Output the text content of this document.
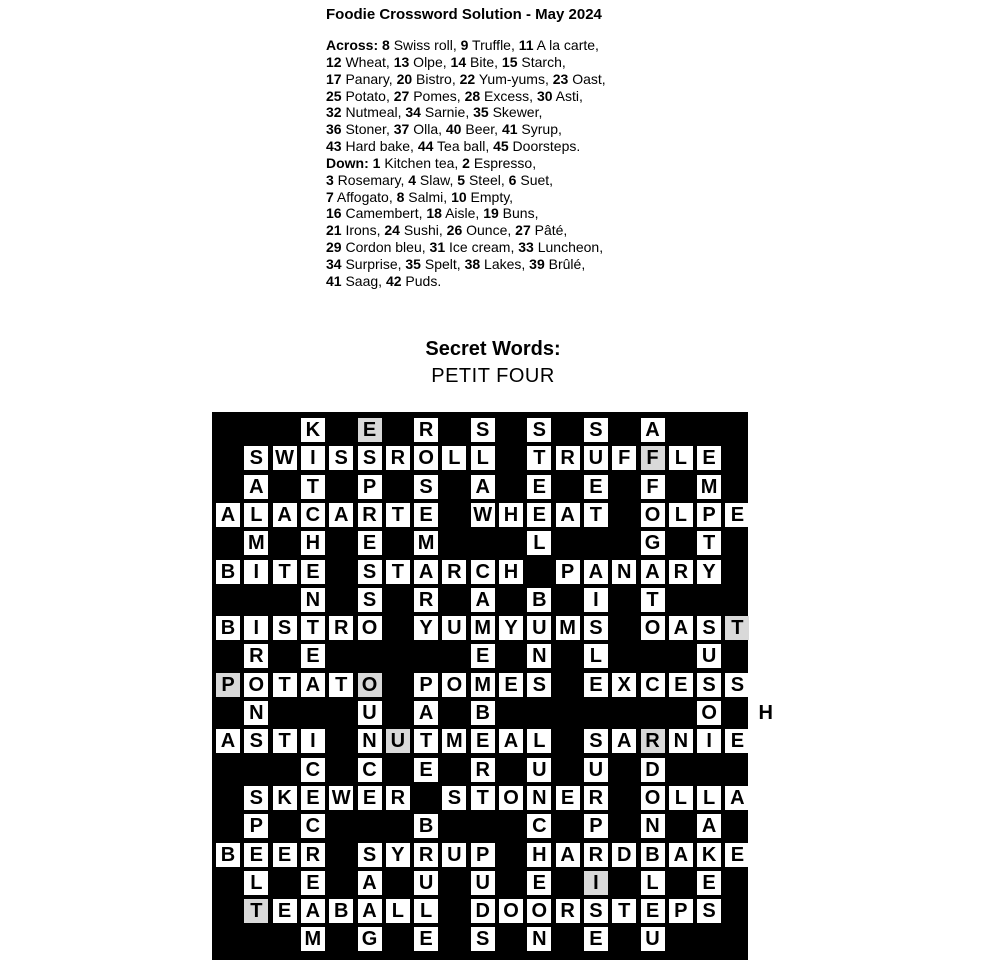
Foodie Crossword Solution - May 2024
Across: 8 Swiss roll, 9 Truffle, 11 A la carte,
12 Wheat, 13 Olpe, 14 Bite, 15 Starch,
17 Panary, 20 Bistro, 22 Yum-yums, 23 Oast,
25 Potato, 27 Pomes, 28 Excess, 30 Asti,
32 Nutmeal, 34 Sarnie, 35 Skewer,
36 Stoner, 37 Olla, 40 Beer, 41 Syrup,
43 Hard bake, 44 Tea ball, 45 Doorsteps.
Down: 1 Kitchen tea, 2 Espresso,
3 Rosemary, 4 Slaw, 5 Steel, 6 Suet,
7 Affogato, 8 Salmi, 10 Empty,
16 Camembert, 18 Aisle, 19 Buns,
21 Irons, 24 Sushi, 26 Ounce, 27 Pâté,
29 Cordon bleu, 31 Ice cream, 33 Luncheon,
34 Surprise, 35 Spelt, 38 Lakes, 39 Brûlé,
41 Saag, 42 Puds.
Secret Words:
PETIT FOUR
K E R S S S A
S W I S S R O L L T R U F F L E
A T P S A E E F M
A L A C A R T E W H E A T O L P E
M H E M	L	G T
B I T E S T A R C H P A N A R Y
N S R A B	I	T
B I S T R O Y U M Y U M S O A S T
R E	E N L	U
P O T A T O P O M E S E X C E S S
N	U A B	O H
A S T I	N U T M E A L S A R N I E
C C E R U U D
S K E W E R S T O N E R O L L A
P C	B	C P N A
B E E R S Y R U P H A R D B A K E
L E A U U E	I	L E
T E A B A L L D O O R S T E P S
M G E S N E U
